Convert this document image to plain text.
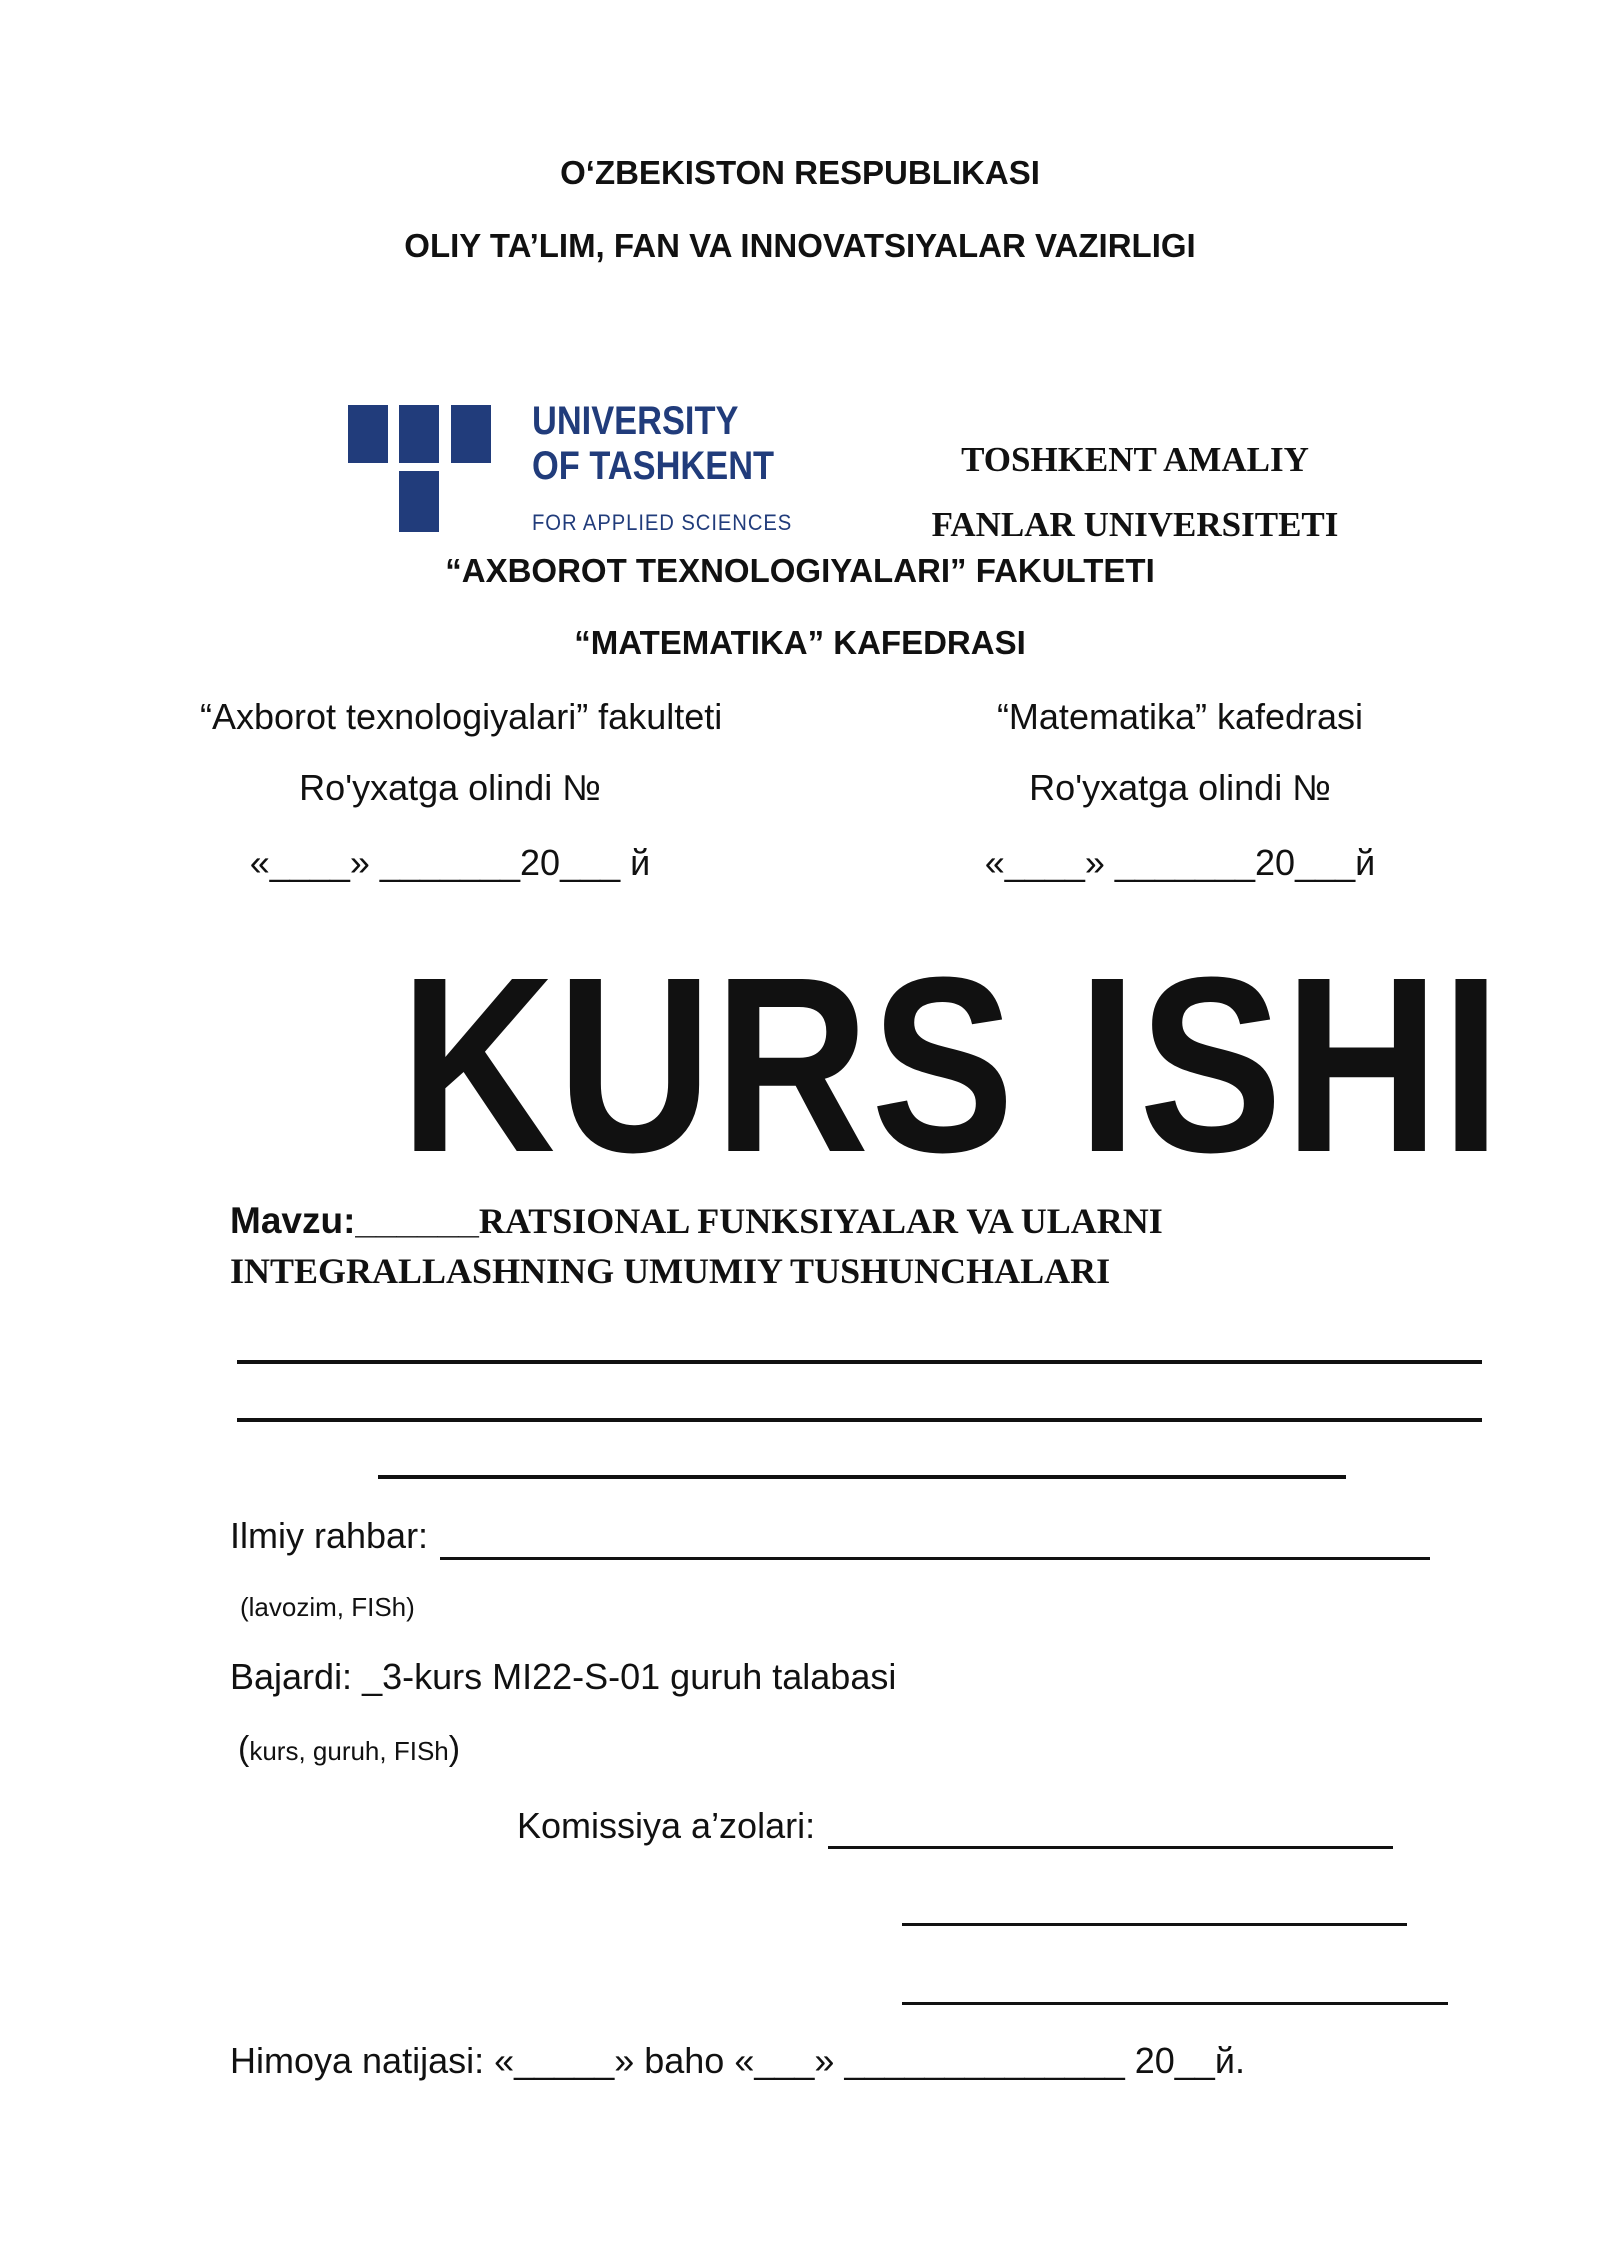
O‘ZBEKISTON RESPUBLIKASI
OLIY TA’LIM, FAN VA INNOVATSIYALAR VAZIRLIGI
UNIVERSITY
OF TASHKENT
FOR APPLIED SCIENCES
TOSHKENT AMALIY
FANLAR UNIVERSITETI
“AXBOROT TEXNOLOGIYALARI” FAKULTETI
“MATEMATIKA” KAFEDRASI
“Axborot texnologiyalari” fakulteti
Ro'yxatga olindi №
«____» _______20___ й
“Matematika” kafedrasi
Ro'yxatga olindi №
«____» _______20___й
KURS ISHI
Mavzu:______RATSIONAL FUNKSIYALAR VA ULARNI
INTEGRALLASHNING UMUMIY TUSHUNCHALARI
Ilmiy rahbar:
(lavozim, FISh)
Bajardi: _3-kurs MI22-S-01 guruh talabasi
(kurs, guruh, FISh)
Komissiya a’zolari:
Himoya natijasi: «_____» baho «___» ______________ 20__й.
